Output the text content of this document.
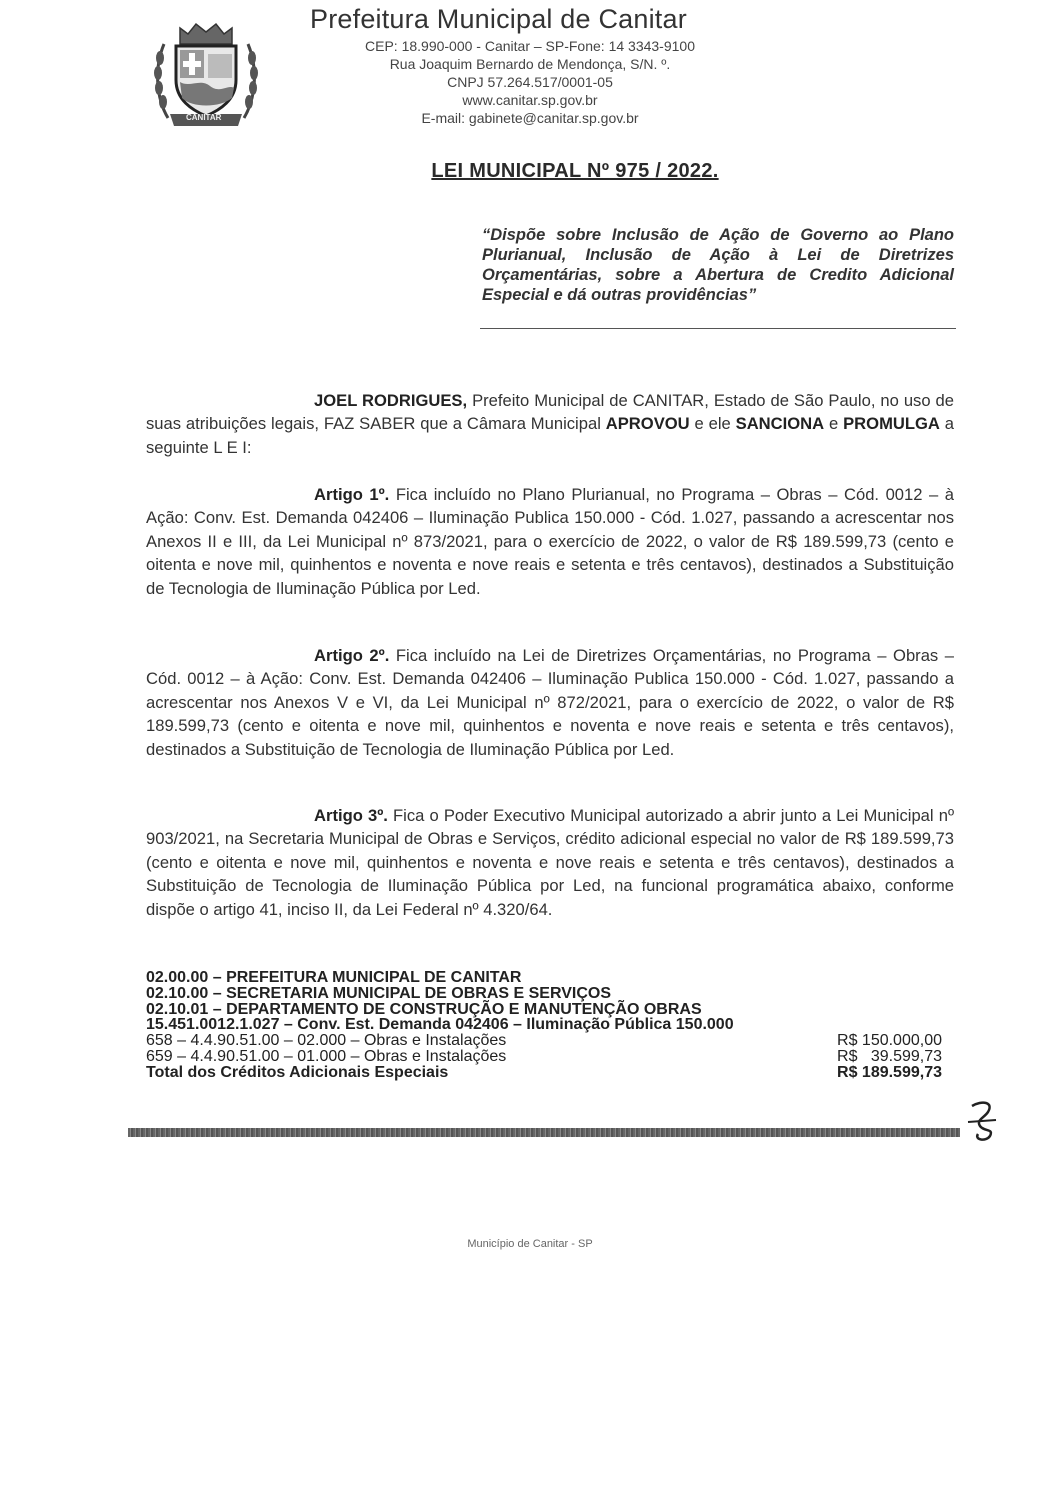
CANITAR
Prefeitura Municipal de Canitar
CEP: 18.990-000 - Canitar – SP-Fone: 14 3343-9100
Rua Joaquim Bernardo de Mendonça, S/N. º.
CNPJ 57.264.517/0001-05
www.canitar.sp.gov.br
E-mail: gabinete@canitar.sp.gov.br
LEI MUNICIPAL Nº 975 / 2022.
“Dispõe sobre Inclusão de Ação de Governo ao Plano Plurianual, Inclusão de Ação à Lei de Diretrizes Orçamentárias, sobre a Abertura de Credito Adicional Especial e dá outras providências”
JOEL RODRIGUES, Prefeito Municipal de CANITAR, Estado de São Paulo, no uso de suas atribuições legais, FAZ SABER que a Câmara Municipal APROVOU e ele SANCIONA e PROMULGA a seguinte L E I:
Artigo 1º. Fica incluído no Plano Plurianual, no Programa – Obras – Cód. 0012 – à Ação: Conv. Est. Demanda 042406 – Iluminação Publica 150.000 - Cód. 1.027, passando a acrescentar nos Anexos II e III, da Lei Municipal nº 873/2021, para o exercício de 2022, o valor de R$ 189.599,73 (cento e oitenta e nove mil, quinhentos e noventa e nove reais e setenta e três centavos), destinados a Substituição de Tecnologia de Iluminação Pública por Led.
Artigo 2º. Fica incluído na Lei de Diretrizes Orçamentárias, no Programa – Obras – Cód. 0012 – à Ação: Conv. Est. Demanda 042406 – Iluminação Publica 150.000 - Cód. 1.027, passando a acrescentar nos Anexos V e VI, da Lei Municipal nº 872/2021, para o exercício de 2022, o valor de R$ 189.599,73 (cento e oitenta e nove mil, quinhentos e noventa e nove reais e setenta e três centavos), destinados a Substituição de Tecnologia de Iluminação Pública por Led.
Artigo 3º. Fica o Poder Executivo Municipal autorizado a abrir junto a Lei Municipal nº 903/2021, na Secretaria Municipal de Obras e Serviços, crédito adicional especial no valor de R$ 189.599,73 (cento e oitenta e nove mil, quinhentos e noventa e nove reais e setenta e três centavos), destinados a Substituição de Tecnologia de Iluminação Pública por Led, na funcional programática abaixo, conforme dispõe o artigo 41, inciso II, da Lei Federal nº 4.320/64.
02.00.00 – PREFEITURA MUNICIPAL DE CANITAR
02.10.00 – SECRETARIA MUNICIPAL DE OBRAS E SERVIÇOS
02.10.01 – DEPARTAMENTO DE CONSTRUÇÃO E MANUTENÇÃO OBRAS
15.451.0012.1.027 – Conv. Est. Demanda 042406 – Iluminação Pública 150.000
658 – 4.4.90.51.00 – 02.000 – Obras e Instalações	R$ 150.000,00
659 – 4.4.90.51.00 – 01.000 – Obras e Instalações	R$   39.599,73
Total dos Créditos Adicionais Especiais	R$ 189.599,73
Município de Canitar - SP
